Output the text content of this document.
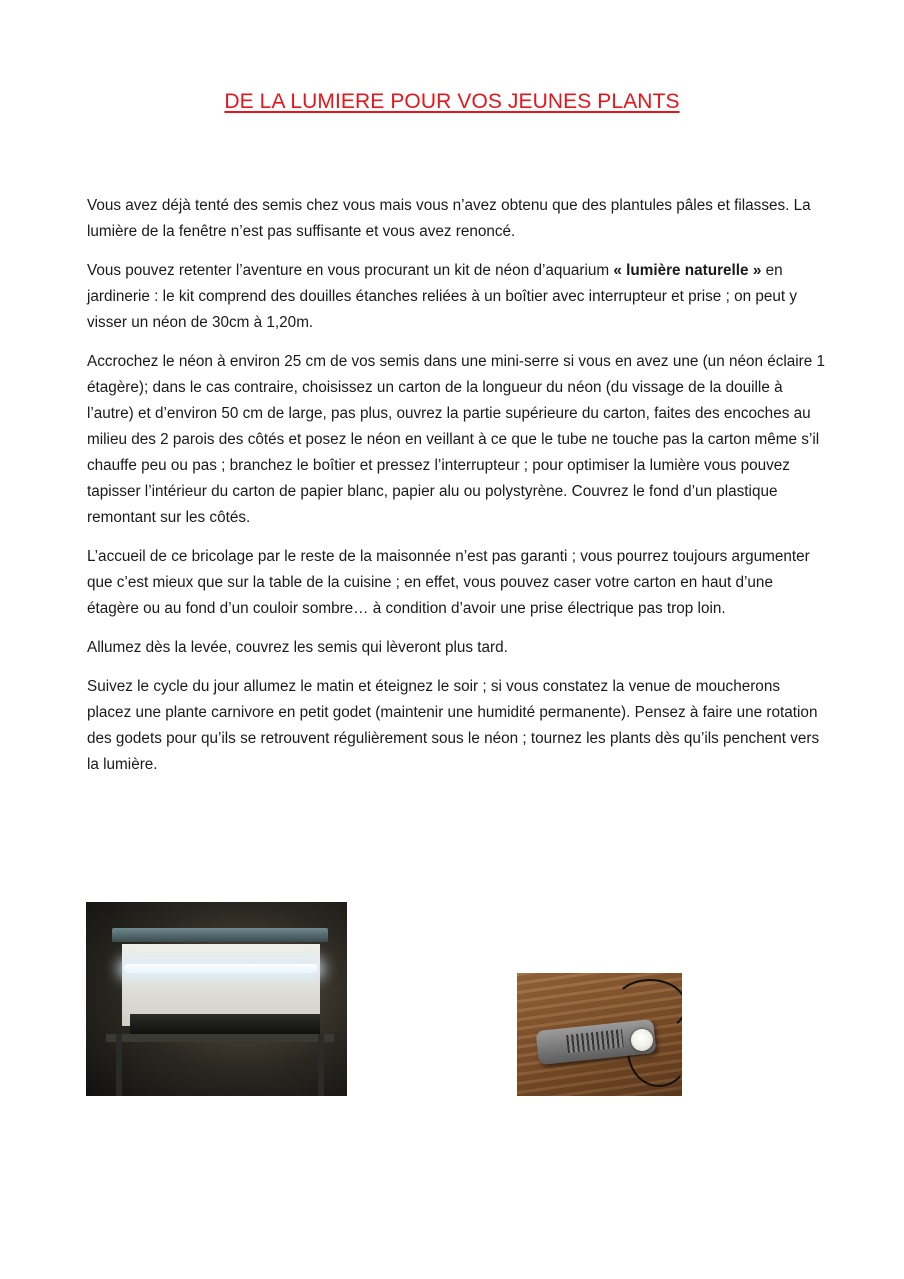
DE LA LUMIERE POUR VOS JEUNES PLANTS

Vous avez déjà tenté des semis chez vous mais vous n’avez obtenu que des plantules pâles et filasses. La lumière de la fenêtre n’est pas suffisante et vous avez renoncé.

Vous pouvez retenter l’aventure en vous procurant un kit de néon d’aquarium « lumière naturelle » en jardinerie : le kit comprend des douilles étanches reliées à un boîtier avec interrupteur et prise ; on peut y visser un néon de 30cm à 1,20m.

Accrochez le néon à environ 25 cm de vos semis dans une mini-serre si vous en avez une (un néon éclaire 1 étagère); dans le cas contraire, choisissez un carton de la longueur du néon (du vissage de la douille à l’autre) et d’environ 50 cm de large, pas plus, ouvrez la partie supérieure du carton, faites des encoches au milieu des 2 parois des côtés et posez le néon en veillant à ce que le tube ne touche pas la carton même s’il chauffe peu ou pas ; branchez le boîtier et pressez l’interrupteur ; pour optimiser la lumière vous pouvez tapisser l’intérieur du carton de papier blanc, papier alu ou polystyrène. Couvrez le fond d’un plastique remontant sur les côtés.

L’accueil de ce bricolage par le reste de la maisonnée n’est pas garanti ; vous pourrez toujours argumenter que c’est mieux que sur la table de la cuisine ; en effet, vous pouvez caser votre carton en haut d’une étagère ou au fond d’un couloir sombre… à condition d’avoir une prise électrique pas trop loin.

Allumez dès la levée, couvrez les semis qui lèveront plus tard.

Suivez le cycle du jour allumez le matin et éteignez le soir ; si vous constatez la venue de moucherons placez une plante carnivore en petit godet (maintenir une humidité permanente). Pensez à faire une rotation des godets pour qu’ils se retrouvent régulièrement sous le néon ; tournez les plants dès qu’ils penchent vers la lumière.
